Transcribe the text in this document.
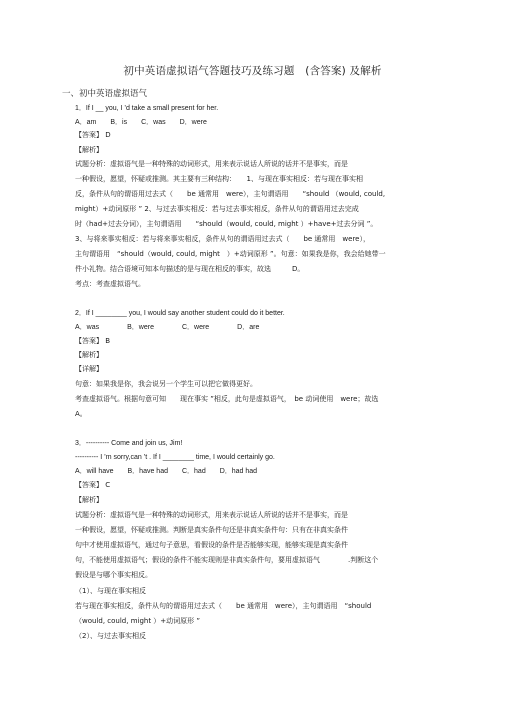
初中英语虚拟语气答题技巧及练习题　(含答案) 及解析
一、初中英语虚拟语气
1．If I __ you, I ’d take a small present for her.
A．am　　B．is　　C．was　　D．were
【答案】 D
【解析】
试题分析：虚拟语气是一种特殊的动词形式，用来表示说话人所说的话并不是事实，而是
一种假设，愿望，怀疑或推测。其主要有三种结构：　　1、与现在事实相反：若与现在事实相
反，条件从句的谓语用过去式（　　be 通常用　were），主句谓语用　　“should （would, could,
might）+动词原形 ” 2、与过去事实相反：若与过去事实相反，条件从句的谓语用过去完成
时（had+过去分词），主句谓语用　　“should（would, could, might ）+have+过去分词 ”。
3、与将来事实相反：若与将来事实相反，条件从句的谓语用过去式（　　be 通常用　were），
主句谓语用　“should（would, could, might　）+动词原形 ”。句意：如果我是你，我会给她带一
件小礼物。结合语境可知本句描述的是与现在相反的事实，故选　　　D。
考点：考查虚拟语气。
2．If I ________ you, I would say another student could do it better.
A．was　　　　B．were　　　　C．were　　　　D．are
【答案】 B
【解析】
【详解】
句意：如果我是你，我会说另一个学生可以把它做得更好。
考查虚拟语气。根据句意可知　　现在事实 ”相反，此句是虚拟语气，　be 动词使用　were；故选
A。
3．---------- Come and join us, Jim!
---------- I ’m sorry,can ’t . If I ________ time, I would certainly go.
A．will have　　B．have had　　C．had　　D．had had
【答案】 C
【解析】
试题分析：虚拟语气是一种特殊的动词形式，用来表示说话人所说的话并不是事实，而是
一种假设，愿望，怀疑或推测。判断是真实条件句还是非真实条件句：只有在非真实条件
句中才使用虚拟语气，通过句子意思，看假设的条件是否能够实现，能够实现是真实条件
句，不能使用虚拟语气；假设的条件不能实现则是非真实条件句，要用虚拟语气　　　　.判断这个
假设是与哪个事实相反。
（1）、与现在事实相反
若与现在事实相反，条件从句的谓语用过去式（　　be 通常用　were），主句谓语用　“should
（would, could, might ）+动词原形 ”
（2）、与过去事实相反
